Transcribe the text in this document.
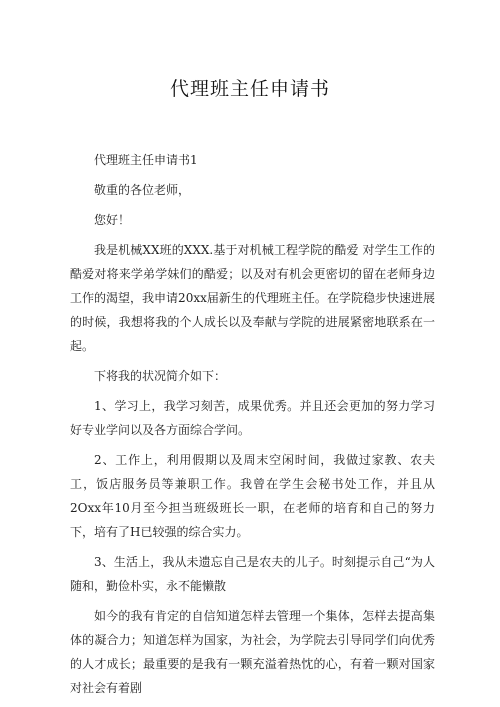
代理班主任申请书

代理班主任申请书1

敬重的各位老师，

您好！

我是机械XX班的XXX.基于对机械工程学院的酷爱 对学生工作的酷爱对将来学弟学妹们的酷爱；以及对有机会更密切的留在老师身边工作的渴望，我申请20xx届新生的代理班主任。在学院稳步快速进展的时候，我想将我的个人成长以及奉献与学院的进展紧密地联系在一起。

下将我的状况简介如下：

1、学习上，我学习刻苦，成果优秀。并且还会更加的努力学习好专业学问以及各方面综合学问。

2、工作上，利用假期以及周末空闲时间，我做过家教、农夫工，饭店服务员等兼职工作。我曾在学生会秘书处工作，并且从2Oxx年10月至今担当班级班长一职，在老师的培育和自己的努力下，培有了H已较强的综合实力。

3、生活上，我从未遗忘自己是农夫的儿子。时刻提示自己“为人随和，勤俭朴实，永不能懒散

如今的我有肯定的自信知道怎样去管理一个集体，怎样去提高集体的凝合力；知道怎样为国家，为社会，为学院去引导同学们向优秀的人才成长；最重要的是我有一颗充溢着热忱的心，有着一颗对国家对社会有着剧
